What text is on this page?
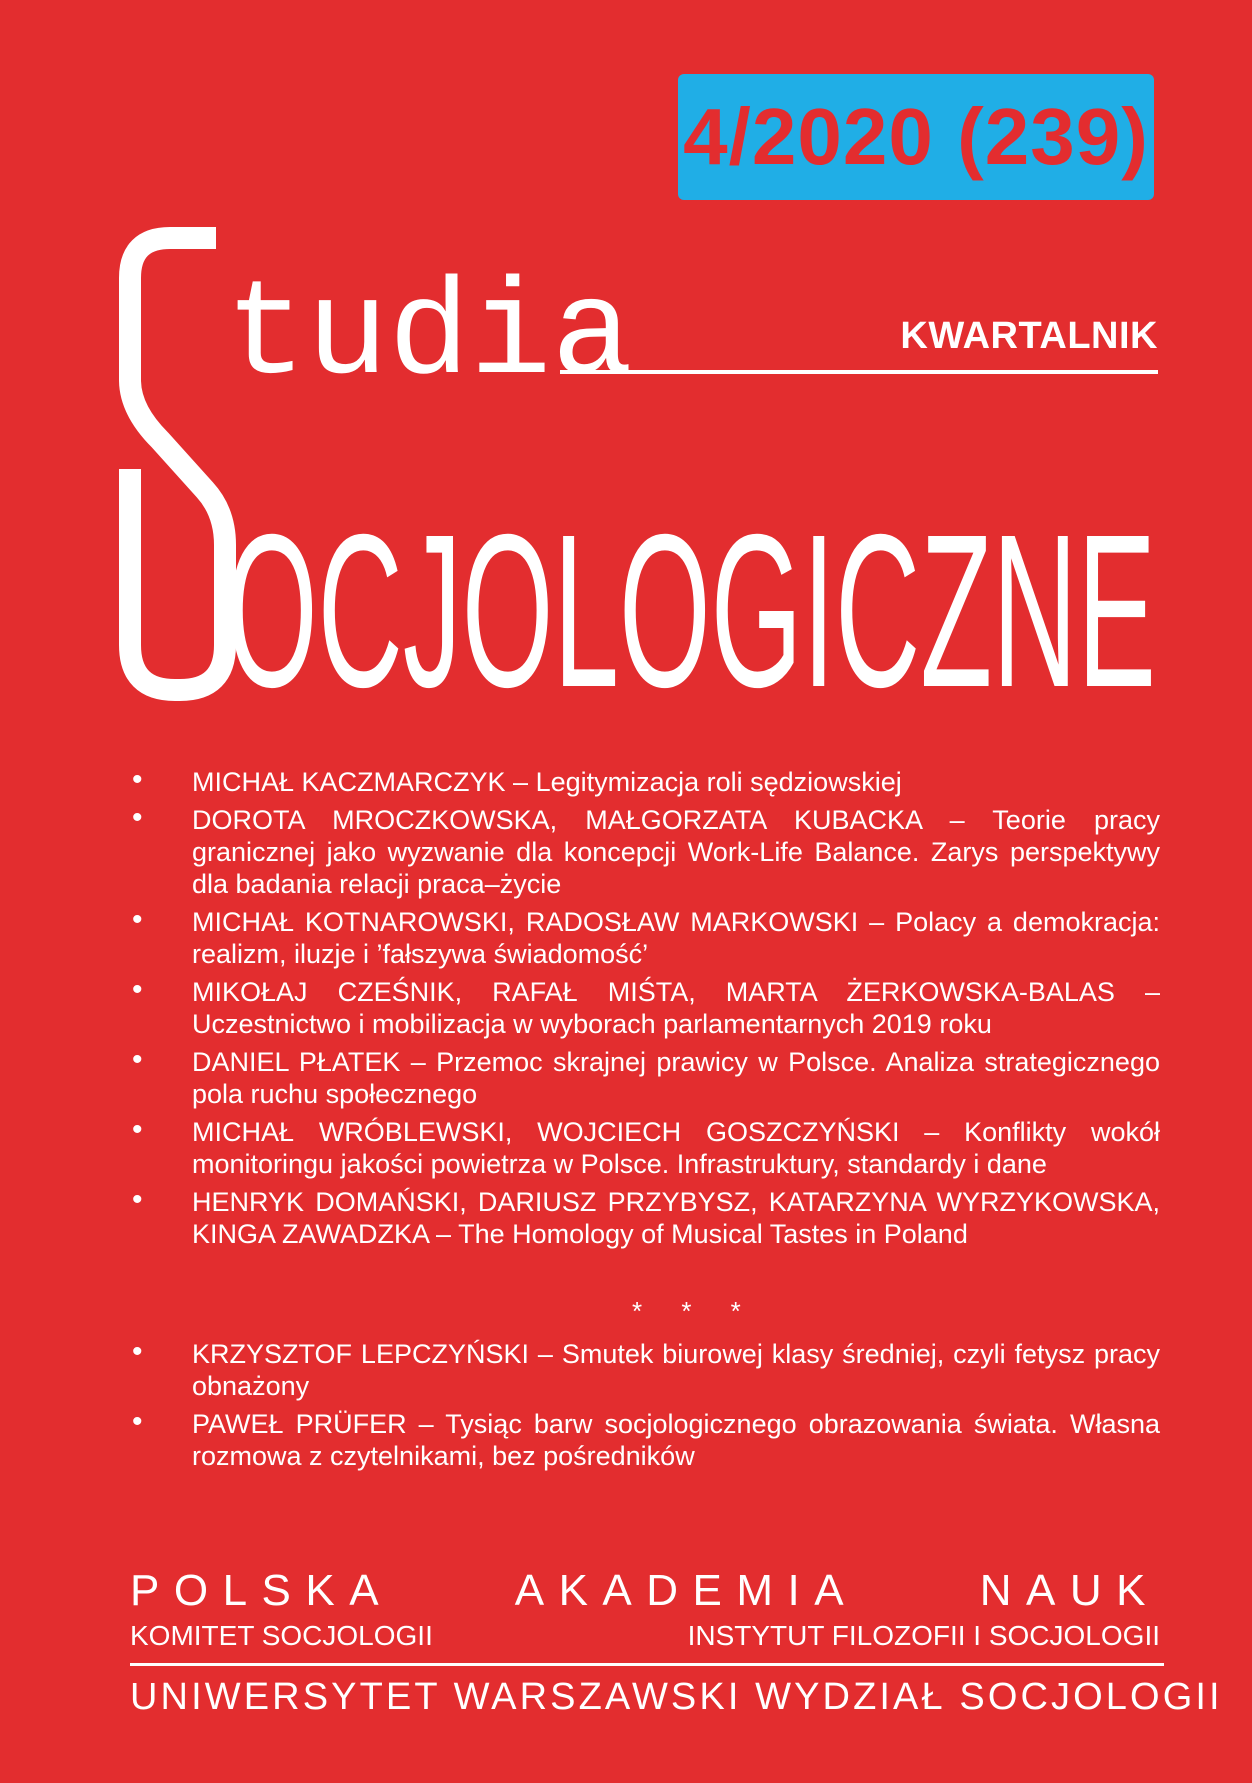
4/2020 (239)
tudia
OCJOLOGICZNE
KWARTALNIK
• MICHAŁ KACZMARCZYK – Legitymizacja roli sędziowskiej
• DOROTA MROCZKOWSKA, MAŁGORZATA KUBACKA – Teorie pracy granicznej jako wyzwanie dla koncepcji Work-Life Balance. Zarys perspektywy dla badania relacji praca–życie
• MICHAŁ KOTNAROWSKI, RADOSŁAW MARKOWSKI – Polacy a demokracja: realizm, iluzje i ’fałszywa świadomość’
• MIKOŁAJ CZEŚNIK, RAFAŁ MIŚTA, MARTA ŻERKOWSKA-BALAS – Uczestnictwo i mobilizacja w wyborach parlamentarnych 2019 roku
• DANIEL PŁATEK – Przemoc skrajnej prawicy w Polsce. Analiza strategicznego pola ruchu społecznego
• MICHAŁ WRÓBLEWSKI, WOJCIECH GOSZCZYŃSKI – Konflikty wokół monitoringu jakości powietrza w Polsce. Infrastruktury, standardy i dane
• HENRYK DOMAŃSKI, DARIUSZ PRZYBYSZ, KATARZYNA WYRZYKOWSKA, KINGA ZAWADZKA – The Homology of Musical Tastes in Poland
* * *
• KRZYSZTOF LEPCZYŃSKI – Smutek biurowej klasy średniej, czyli fetysz pracy obnażony
• PAWEŁ PRÜFER – Tysiąc barw socjologicznego obrazowania świata. Własna rozmowa z czytelnikami, bez pośredników
POLSKA	AKADEMIA	NAUK
KOMITET SOCJOLOGII	INSTYTUT FILOZOFII I SOCJOLOGII
UNIWERSYTET WARSZAWSKI WYDZIAŁ SOCJOLOGII
